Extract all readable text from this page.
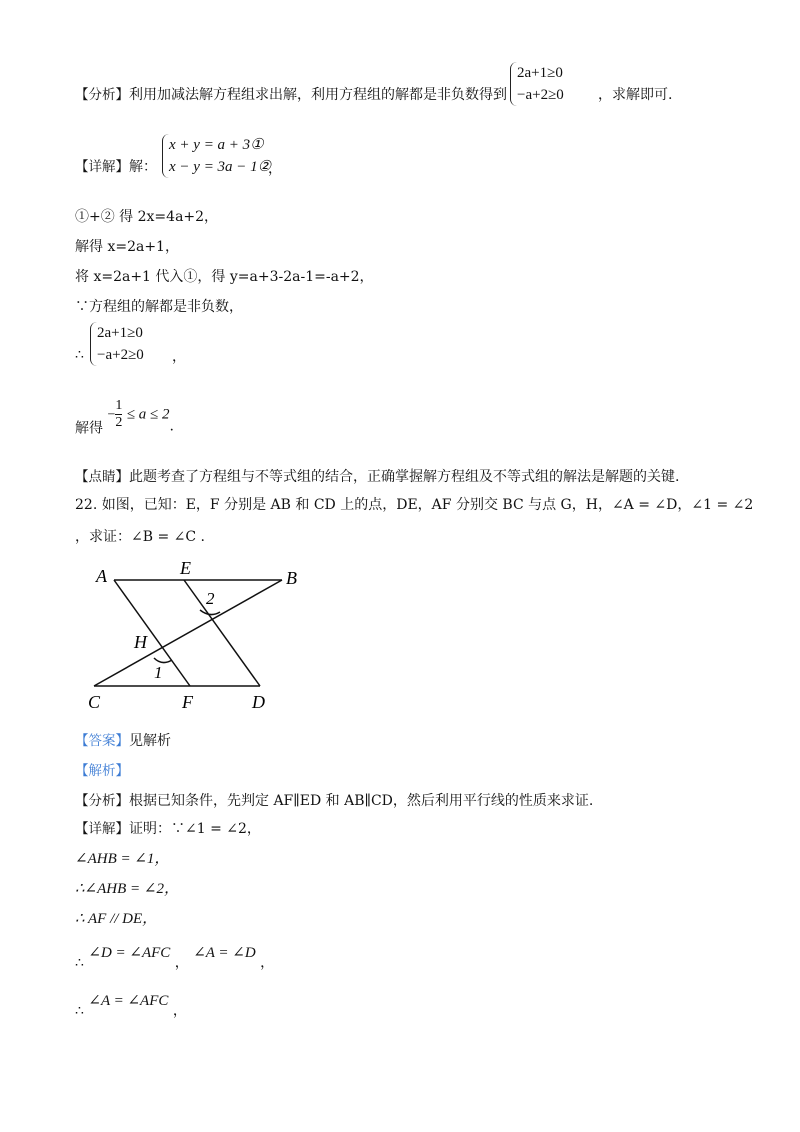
【分析】利用加减法解方程组求出解，利用方程组的解都是非负数得到
2a+1≥0
−a+2≥0 ，求解即可.
【详解】解：
x + y = a + 3①
x − y = 3a − 1②
，
①+② 得 2x=4a+2，
解得 x=2a+1，
将 x=2a+1 代入①，得 y=a+3-2a-1=-a+2，
∵方程组的解都是非负数，
∴
2a+1≥0
−a+2≥0 ，
解得 − $\frac{1}{2} \le a \le 2$.
【点睛】此题考查了方程组与不等式组的结合，正确掌握解方程组及不等式组的解法是解题的关键.
22. 如图，已知：E，F 分别是 AB 和 CD 上的点，DE，AF 分别交 BC 与点 G，H，∠A = ∠D，∠1 = ∠2
，求证：∠B = ∠C .
A	E	B
H
C	F	D
1
2
【答案】见解析
【解析】
【分析】根据已知条件，先判定 AF∥ED 和 AB∥CD，然后利用平行线的性质来求证.
【详解】证明：∵∠1 = ∠2，
∠AHB = ∠1，
∴∠AHB = ∠2，
∴ AF // DE，
∴ ∠D = ∠AFC ， ∠A = ∠D ，
∴ ∠A = ∠AFC ，
